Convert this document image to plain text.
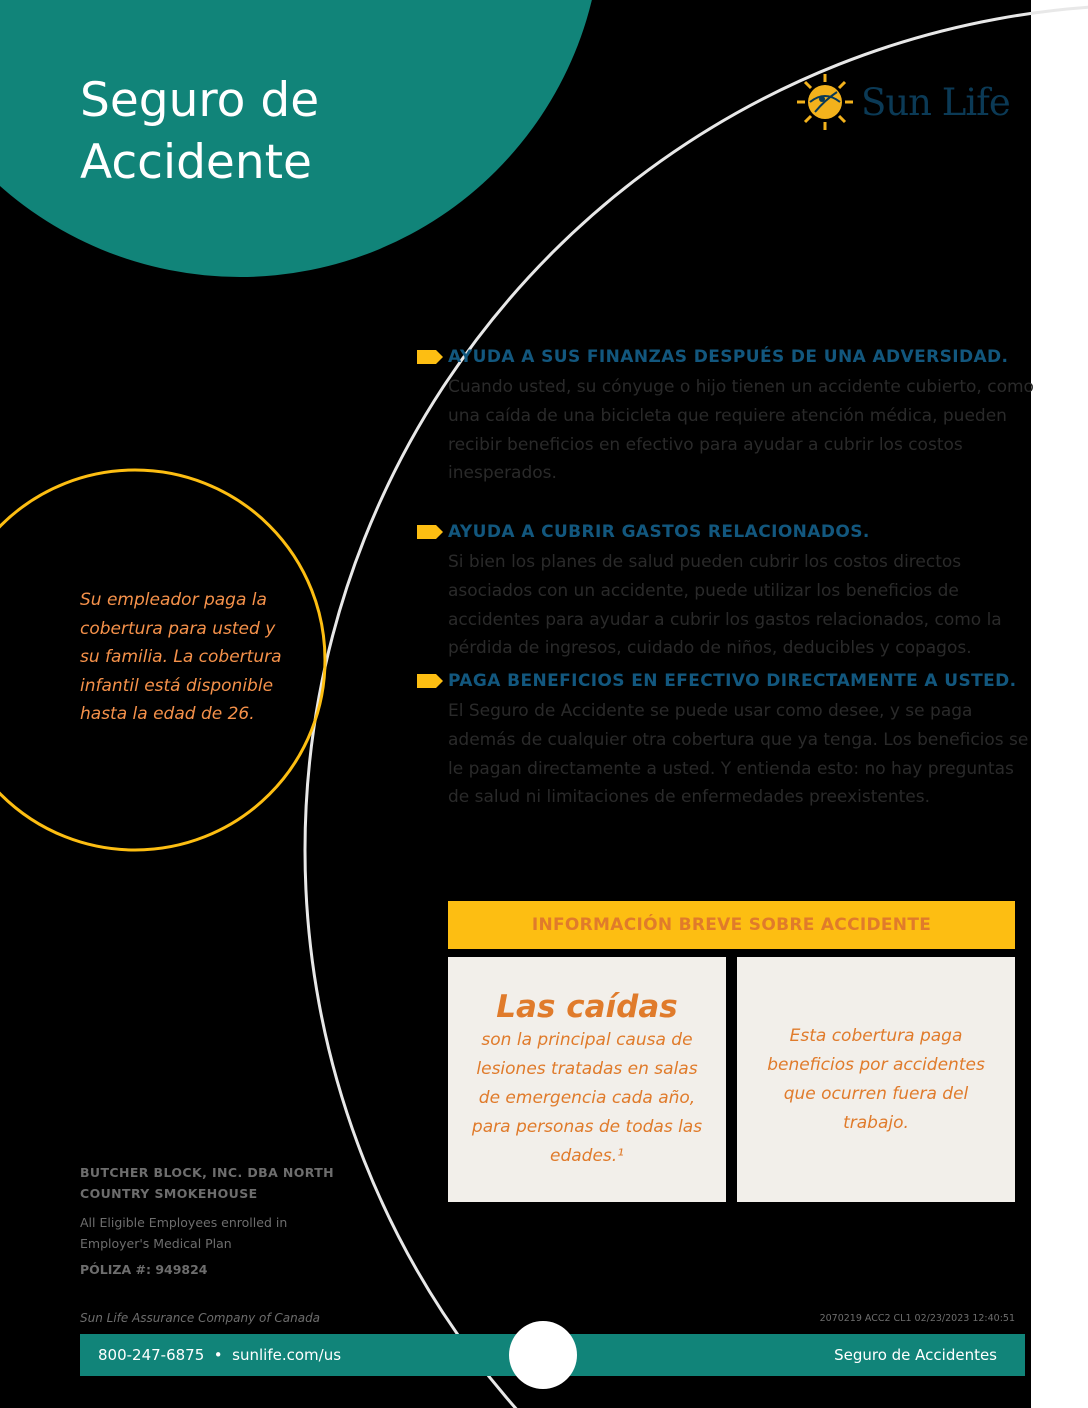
Seguro de
Accidente
Sun Life
Su empleador paga la cobertura para usted y su familia. La cobertura infantil está disponible hasta la edad de 26.
AYUDA A SUS FINANZAS DESPUÉS DE UNA ADVERSIDAD.

Cuando usted, su cónyuge o hijo tienen un accidente cubierto, como una caída de una bicicleta que requiere atención médica, pueden recibir beneficios en efectivo para ayudar a cubrir los costos inesperados.

AYUDA A CUBRIR GASTOS RELACIONADOS.

Si bien los planes de salud pueden cubrir los costos directos asociados con un accidente, puede utilizar los beneficios de accidentes para ayudar a cubrir los gastos relacionados, como la pérdida de ingresos, cuidado de niños, deducibles y copagos.

PAGA BENEFICIOS EN EFECTIVO DIRECTAMENTE A USTED.

El Seguro de Accidente se puede usar como desee, y se paga además de cualquier otra cobertura que ya tenga. Los beneficios se le pagan directamente a usted. Y entienda esto: no hay preguntas de salud ni limitaciones de enfermedades preexistentes.

INFORMACIÓN BREVE SOBRE ACCIDENTE
Las caídas
son la principal causa de lesiones tratadas en salas de emergencia cada año, para personas de todas las edades.¹
Esta cobertura paga beneficios por accidentes que ocurren fuera del trabajo.
BUTCHER BLOCK, INC. DBA NORTH COUNTRY SMOKEHOUSE
All Eligible Employees enrolled in Employer's Medical Plan
PÓLIZA #: 949824
Sun Life Assurance Company of Canada	2070219 ACC2 CL1 02/23/2023 12:40:51
800-247-6875  •  sunlife.com/us	Seguro de Accidentes
